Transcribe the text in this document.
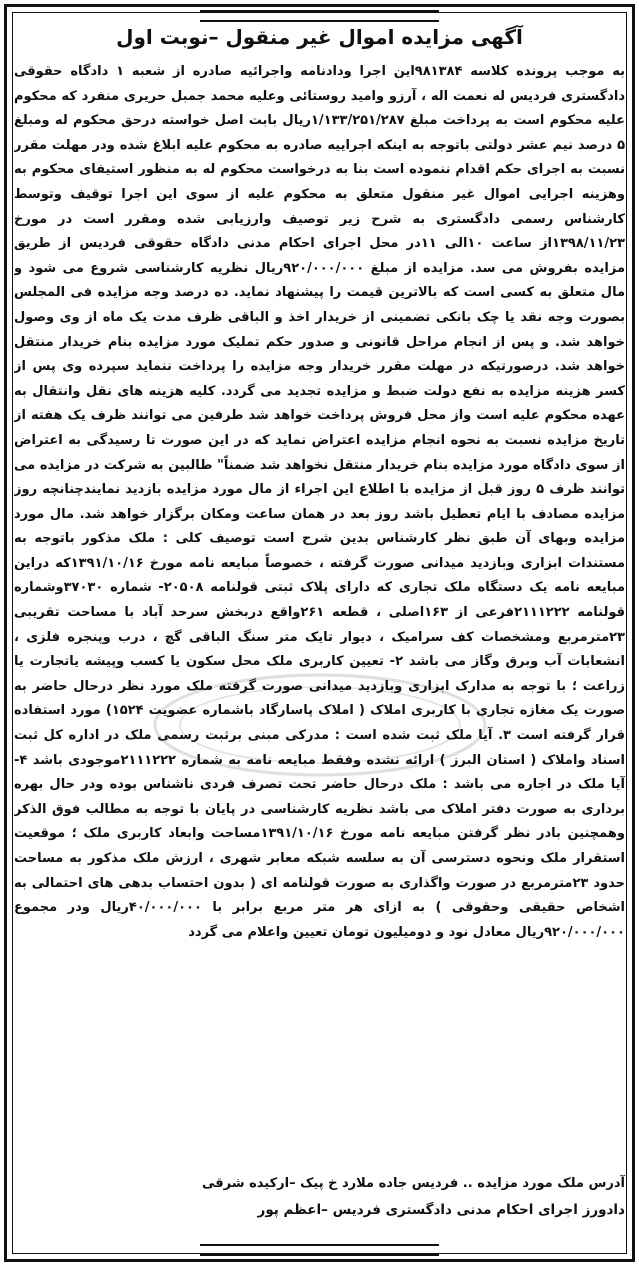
آگهی مزایده اموال غیر منقول –نوبت اول

به موجب پرونده کلاسه ۹۸۱۳۸۴این اجرا ودادنامه واجرائیه صادره از شعبه ۱ دادگاه حقوقی دادگستری فردیس له نعمت اله ، آرزو وامید روستائی وعلیه محمد جمبل حریری منفرد که محکوم علیه محکوم است به پرداخت مبلغ ۱/۱۳۳/۲۵۱/۲۸۷ریال بابت اصل خواسته درحق محکوم له ومبلغ ۵ درصد نیم عشر دولتی باتوجه به اینکه اجراییه صادره به محکوم علیه ابلاغ شده ودر مهلت مقرر نسبت به اجرای حکم اقدام ننموده است بنا به درخواست محکوم له به منظور استیفای محکوم به وهزینه اجرایی اموال غیر منقول متعلق به محکوم علیه از سوی این اجرا توقیف وتوسط کارشناس رسمی دادگستری به شرح زیر توصیف وارزیابی شده ومقرر است در مورخ ۱۳۹۸/۱۱/۲۳از ساعت ۱۰الی ۱۱در محل اجرای احکام مدنی دادگاه حقوقی فردیس از طریق مزایده بفروش می سد. مزایده از مبلغ ۹۲۰/۰۰۰/۰۰۰ریال نظریه کارشناسی شروع می شود و مال متعلق به کسی است که بالاترین قیمت را پیشنهاد نماید. ده درصد وجه مزایده فی المجلس بصورت وجه نقد یا چک بانکی تضمینی از خریدار اخذ و الباقی ظرف مدت یک ماه از وی وصول خواهد شد. و پس از انجام مراحل قانونی و صدور حکم تملیک مورد مزایده بنام خریدار منتقل خواهد شد. درصورتیکه در مهلت مقرر خریدار وجه مزایده را پرداخت ننماید سپرده وی پس از کسر هزینه مزایده به نفع دولت ضبط و مزایده تجدید می گردد. کلیه هزینه های نقل وانتقال به عهده محکوم علیه است واز محل فروش پرداخت خواهد شد طرفین می توانند ظرف یک هفته از تاریخ مزایده نسبت به نحوه انجام مزایده اعتراض نماید که در این صورت تا رسیدگی به اعتراض از سوی دادگاه مورد مزایده بنام خریدار منتقل نخواهد شد ضمناً" طالبین به شرکت در مزایده می توانند ظرف ۵ روز قبل از مزایده با اطلاع این اجراء از مال مورد مزایده بازدید نمایندچنانچه روز مزایده مصادف با ایام تعطیل باشد روز بعد در همان ساعت ومکان برگزار خواهد شد. مال مورد مزایده وبهای آن طبق نظر کارشناس بدین شرح است توصیف کلی : ملک مذکور باتوجه به مستندات ابزاری وبازدید میدانی صورت گرفته ، خصوصاً مبایعه نامه مورخ ۱۳۹۱/۱۰/۱۶که دراین مبایعه نامه یک دستگاه ملک تجاری که دارای پلاک ثبتی قولنامه ۲۰۵۰۸- شماره ۳۷۰۳۰وشماره قولنامه ۲۱۱۱۲۲۲فرعی از ۱۶۳اصلی ، قطعه ۲۶۱واقع دربخش سرحد آباد با مساحت تقریبی ۲۳مترمربع ومشخصات کف سرامیک ، دیوار تایک متر سنگ الباقی گچ ، درب وپنجره فلزی ، انشعابات آب وبرق وگاز می باشد ۲- تعیین کاربری ملک محل سکون یا کسب وپیشه یاتجارت یا زراعت ؛ با توجه به مدارک ابزاری وبازدید میدانی صورت گرفته ملک مورد نظر درحال حاضر به صورت یک مغازه تجاری با کاربری املاک ( املاک پاسارگاد باشماره عضویت ۱۵۲۴) مورد استفاده قرار گرفته است ۳. آیا ملک ثبت شده است : مدرکی مبنی برثبت رسمی ملک در اداره کل ثبت اسناد واملاک ( استان البرز ) ارائه نشده وفقط مبایعه نامه به شماره ۲۱۱۱۲۲۲موجودی باشد ۴- آیا ملک در اجاره می باشد : ملک درحال حاضر تحت تصرف فردی ناشناس بوده ودر حال بهره برداری به صورت دفتر املاک می باشد نظریه کارشناسی در پایان با توجه به مطالب فوق الذکر وهمچنین بادر نظر گرفتن مبایعه نامه مورخ ۱۳۹۱/۱۰/۱۶مساحت وابعاد کاربری ملک ؛ موقعیت استقرار ملک ونحوه دسترسی آن به سلسه شبکه معابر شهری ، ارزش ملک مذکور به مساحت حدود ۲۳مترمربع در صورت واگذاری به صورت قولنامه ای ( بدون احتساب بدهی های احتمالی به اشخاص حقیقی وحقوقی ) به ازای هر متر مربع برابر با ۴۰/۰۰۰/۰۰۰ریال ودر مجموع ۹۲۰/۰۰۰/۰۰۰ریال معادل نود و دومیلیون تومان تعیین واعلام می گردد

آدرس ملک مورد مزایده .. فردیس جاده ملارد خ پیک –ارکیده شرقی

دادورز اجرای احکام مدنی دادگستری فردیس –اعظم پور
